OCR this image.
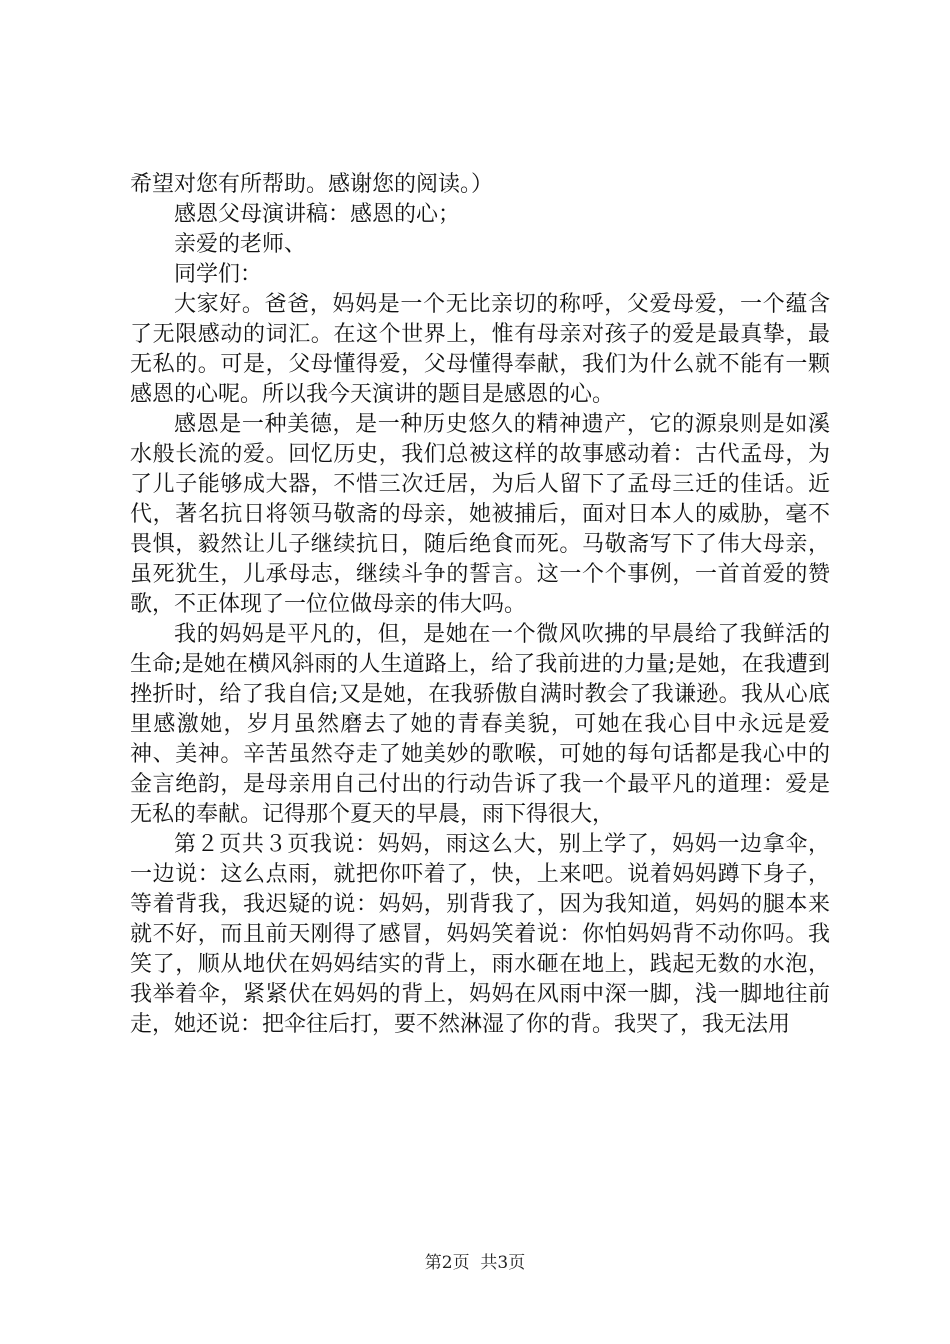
希望对您有所帮助。感谢您的阅读。）

感恩父母演讲稿：感恩的心；

亲爱的老师、

同学们：

大家好。爸爸，妈妈是一个无比亲切的称呼，父爱母爱，一个蕴含了无限感动的词汇。在这个世界上，惟有母亲对孩子的爱是最真挚，最无私的。可是，父母懂得爱，父母懂得奉献，我们为什么就不能有一颗感恩的心呢。所以我今天演讲的题目是感恩的心。

感恩是一种美德，是一种历史悠久的精神遗产，它的源泉则是如溪水般长流的爱。回忆历史，我们总被这样的故事感动着：古代孟母，为了儿子能够成大器，不惜三次迁居，为后人留下了孟母三迁的佳话。近代，著名抗日将领马敬斋的母亲，她被捕后，面对日本人的威胁，毫不畏惧，毅然让儿子继续抗日，随后绝食而死。马敬斋写下了伟大母亲，虽死犹生，儿承母志，继续斗争的誓言。这一个个事例，一首首爱的赞歌，不正体现了一位位做母亲的伟大吗。

我的妈妈是平凡的，但，是她在一个微风吹拂的早晨给了我鲜活的生命;是她在横风斜雨的人生道路上，给了我前进的力量;是她，在我遭到挫折时，给了我自信;又是她，在我骄傲自满时教会了我谦逊。我从心底里感激她，岁月虽然磨去了她的青春美貌，可她在我心目中永远是爱神、美神。辛苦虽然夺走了她美妙的歌喉，可她的每句话都是我心中的金言绝韵，是母亲用自己付出的行动告诉了我一个最平凡的道理：爱是无私的奉献。记得那个夏天的早晨，雨下得很大，

第２页共３页我说：妈妈，雨这么大，别上学了，妈妈一边拿伞，一边说：这么点雨，就把你吓着了，快，上来吧。说着妈妈蹲下身子，等着背我，我迟疑的说：妈妈，别背我了，因为我知道，妈妈的腿本来就不好，而且前天刚得了感冒，妈妈笑着说：你怕妈妈背不动你吗。我笑了，顺从地伏在妈妈结实的背上，雨水砸在地上，践起无数的水泡，我举着伞，紧紧伏在妈妈的背上，妈妈在风雨中深一脚，浅一脚地往前走，她还说：把伞往后打，要不然淋湿了你的背。我哭了，我无法用

第2页  共3页
